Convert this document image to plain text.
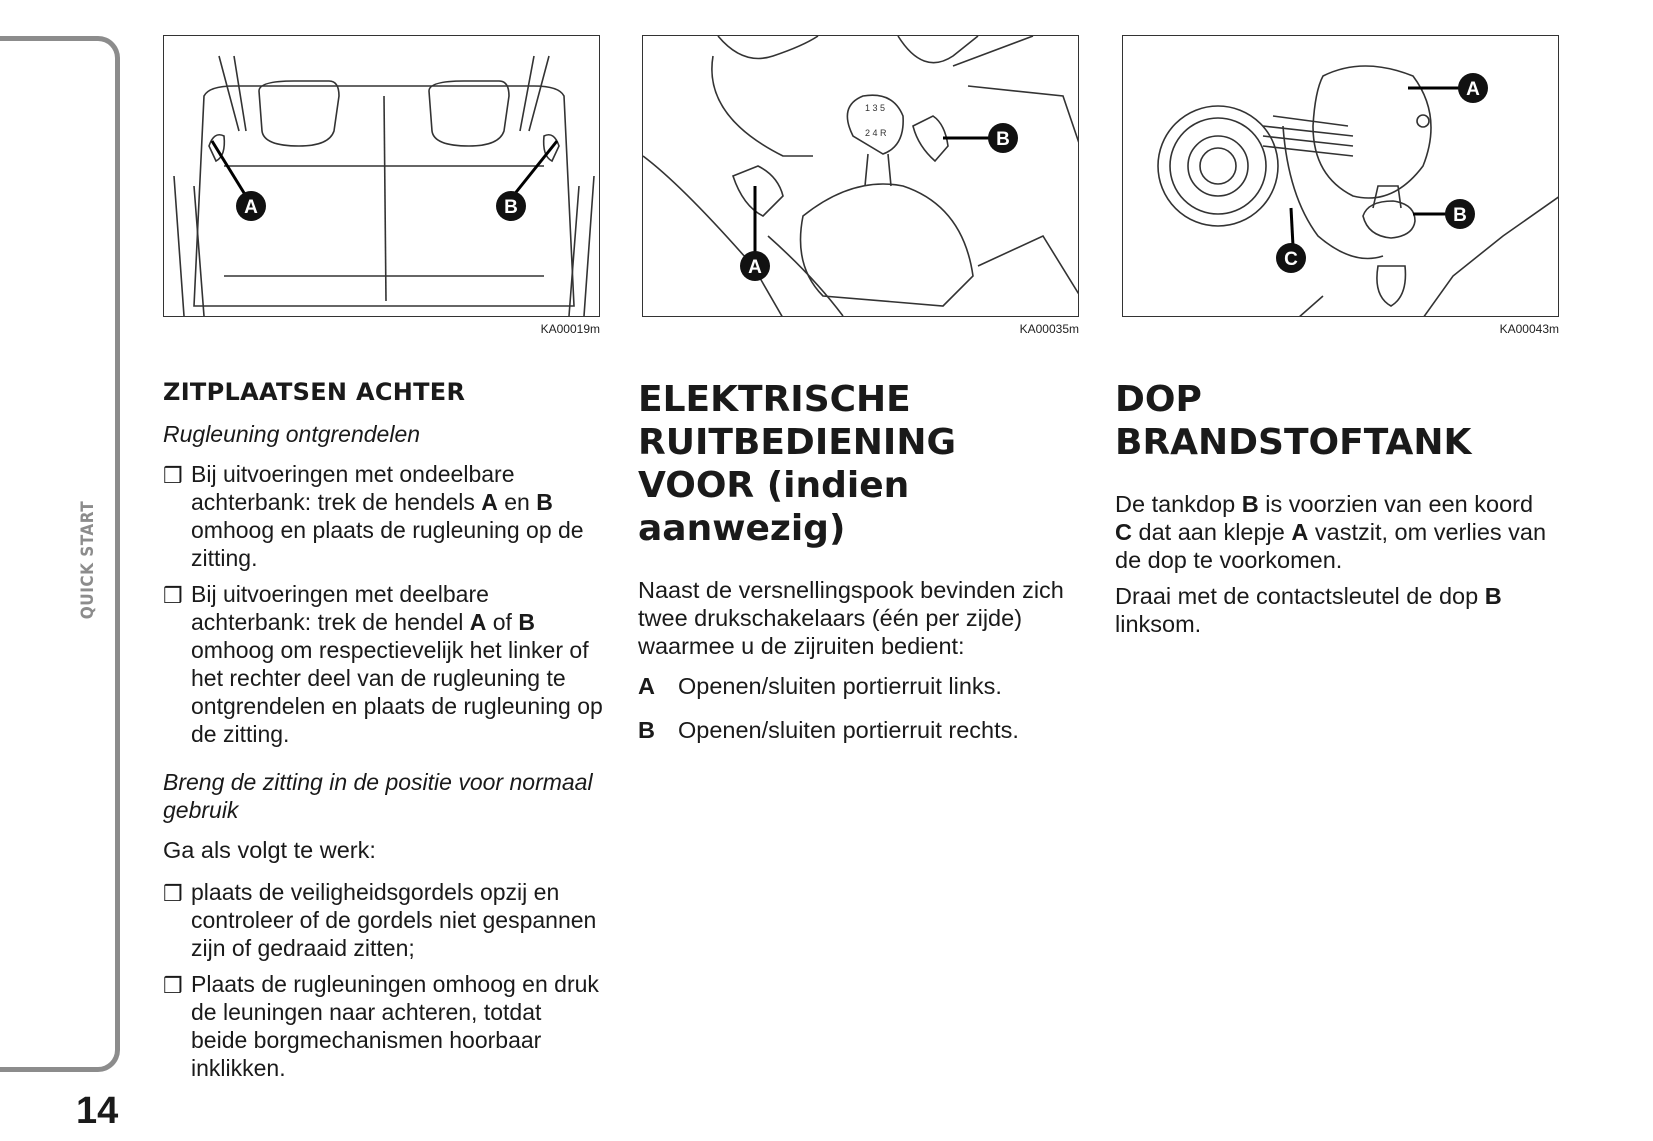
QUICK START
14
A	B
KA00019m
1 3 5
2 4 R
A
B
KA00035m
A
B
C
KA00043m
ZITPLAATSEN ACHTER
Rugleuning ontgrendelen
❒ Bij uitvoeringen met ondeelbare achterbank: trek de hendels A en B omhoog en plaats de rugleuning op de zitting.
❒ Bij uitvoeringen met deelbare achterbank: trek de hendel A of B omhoog om respectievelijk het linker of het rechter deel van de rugleuning te ontgrendelen en plaats de rugleuning op de zitting.
Breng de zitting in de positie voor normaal gebruik
Ga als volgt te werk:
❒ plaats de veiligheidsgordels opzij en controleer of de gordels niet gespannen zijn of gedraaid zitten;
❒ Plaats de rugleuningen omhoog en druk de leuningen naar achteren, totdat beide borgmechanismen hoorbaar inklikken.
ELEKTRISCHE RUITBEDIENING VOOR (indien aanwezig)
Naast de versnellingspook bevinden zich twee drukschakelaars (één per zijde) waarmee u de zijruiten bedient:
A Openen/sluiten portierruit links.
B Openen/sluiten portierruit rechts.
DOP BRANDSTOFTANK
De tankdop B is voorzien van een koord C dat aan klepje A vastzit, om verlies van de dop te voorkomen.
Draai met de contactsleutel de dop B linksom.
